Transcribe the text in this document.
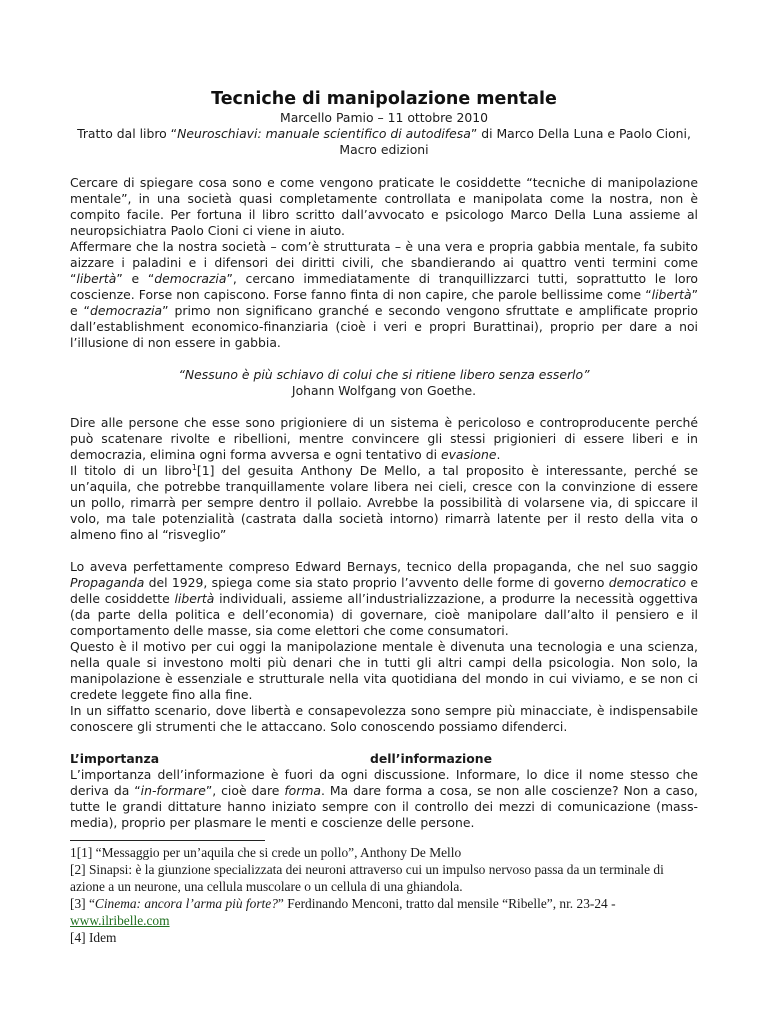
Tecniche di manipolazione mentale
Marcello Pamio – 11 ottobre 2010
Tratto dal libro “Neuroschiavi: manuale scientifico di autodifesa” di Marco Della Luna e Paolo Cioni,
Macro edizioni

Cercare di spiegare cosa sono e come vengono praticate le cosiddette “tecniche di manipolazione mentale”, in una società quasi completamente controllata e manipolata come la nostra, non è compito facile. Per fortuna il libro scritto dall’avvocato e psicologo Marco Della Luna assieme al neuropsichiatra Paolo Cioni ci viene in aiuto.

Affermare che la nostra società – com’è strutturata – è una vera e propria gabbia mentale, fa subito aizzare i paladini e i difensori dei diritti civili, che sbandierando ai quattro venti termini come “libertà” e “democrazia”, cercano immediatamente di tranquillizzarci tutti, soprattutto le loro coscienze. Forse non capiscono. Forse fanno finta di non capire, che parole bellissime come “libertà” e “democrazia” primo non significano granché e secondo vengono sfruttate e amplificate proprio dall’establishment economico-finanziaria (cioè i veri e propri Burattinai), proprio per dare a noi l’illusione di non essere in gabbia.

“Nessuno è più schiavo di colui che si ritiene libero senza esserlo”
Johann Wolfgang von Goethe.

Dire alle persone che esse sono prigioniere di un sistema è pericoloso e controproducente perché può scatenare rivolte e ribellioni, mentre convincere gli stessi prigionieri di essere liberi e in democrazia, elimina ogni forma avversa e ogni tentativo di evasione.

Il titolo di un libro$^1$[1] del gesuita Anthony De Mello, a tal proposito è interessante, perché se un’aquila, che potrebbe tranquillamente volare libera nei cieli, cresce con la convinzione di essere un pollo, rimarrà per sempre dentro il pollaio. Avrebbe la possibilità di volarsene via, di spiccare il volo, ma tale potenzialità (castrata dalla società intorno) rimarrà latente per il resto della vita o almeno fino al “risveglio”

Lo aveva perfettamente compreso Edward Bernays, tecnico della propaganda, che nel suo saggio Propaganda del 1929, spiega come sia stato proprio l’avvento delle forme di governo democratico e delle cosiddette libertà individuali, assieme all’industrializzazione, a produrre la necessità oggettiva (da parte della politica e dell’economia) di governare, cioè manipolare dall’alto il pensiero e il comportamento delle masse, sia come elettori che come consumatori.

Questo è il motivo per cui oggi la manipolazione mentale è divenuta una tecnologia e una scienza, nella quale si investono molti più denari che in tutti gli altri campi della psicologia. Non solo, la manipolazione è essenziale e strutturale nella vita quotidiana del mondo in cui viviamo, e se non ci credete leggete fino alla fine.

In un siffatto scenario, dove libertà e consapevolezza sono sempre più minacciate, è indispensabile conoscere gli strumenti che le attaccano. Solo conoscendo possiamo difenderci.

L’importanza	dell’informazione

L’importanza dell’informazione è fuori da ogni discussione. Informare, lo dice il nome stesso che deriva da “in-formare”, cioè dare forma. Ma dare forma a cosa, se non alle coscienze? Non a caso, tutte le grandi dittature hanno iniziato sempre con il controllo dei mezzi di comunicazione (mass-media), proprio per plasmare le menti e coscienze delle persone.

1[1] “Messaggio per un’aquila che si crede un pollo”, Anthony De Mello
[2] Sinapsi: è la giunzione specializzata dei neuroni attraverso cui un impulso nervoso passa da un terminale di azione a un neurone, una cellula muscolare o un cellula di una ghiandola.
[3] “Cinema: ancora l’arma più forte?” Ferdinando Menconi, tratto dal mensile “Ribelle”, nr. 23-24 -
www.ilribelle.com
[4] Idem
